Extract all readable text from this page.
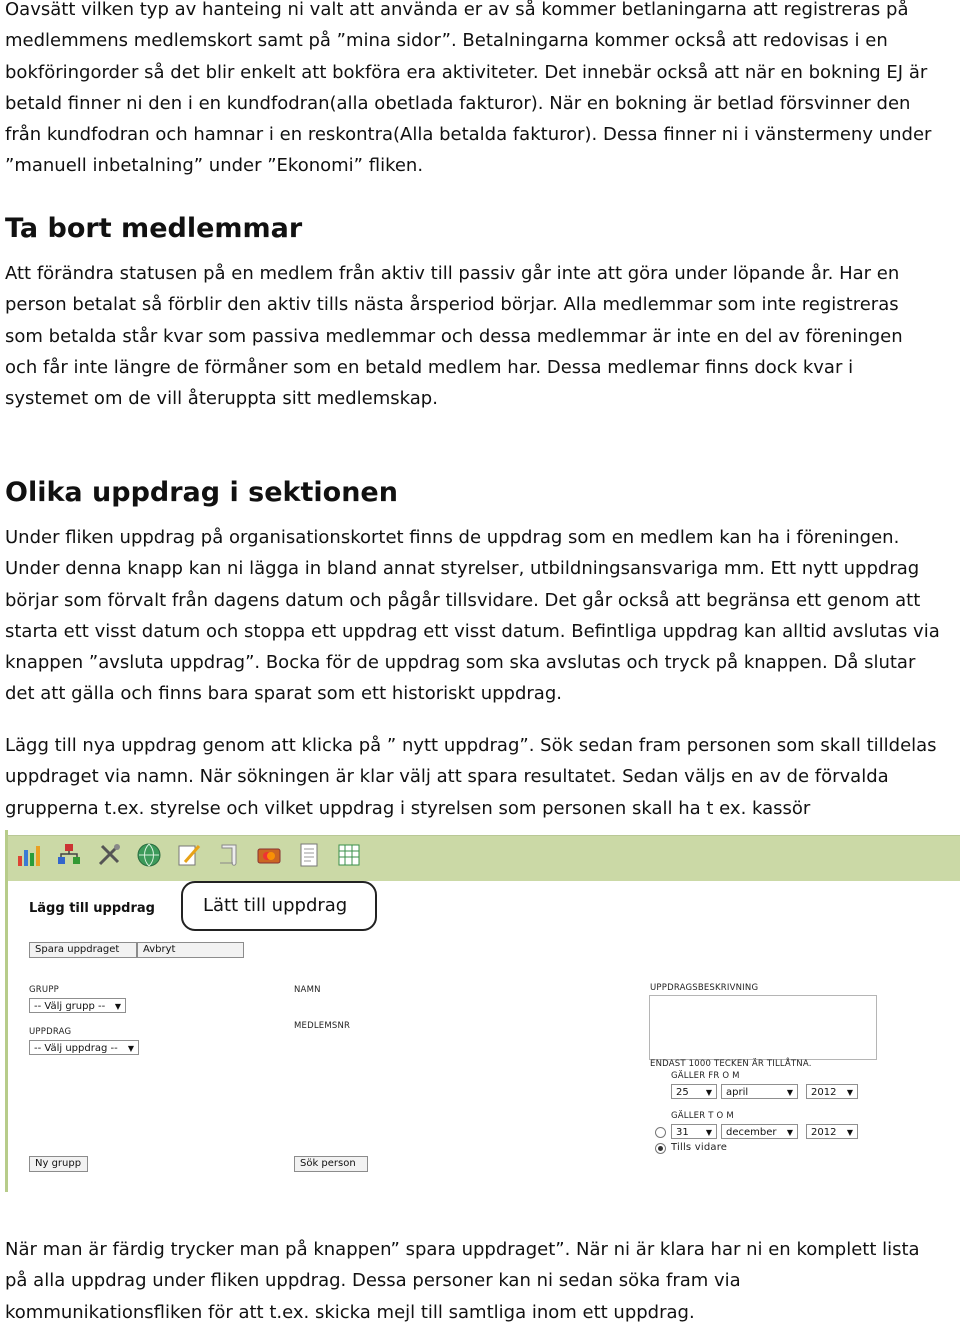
Oavsätt vilken typ av hanteing ni valt att använda er av så kommer betlaningarna att registreras på medlemmens medlemskort samt på ”mina sidor”. Betalningarna kommer också att redovisas i en bokföringorder så det blir enkelt att bokföra era aktiviteter. Det innebär också att när en bokning EJ är betald finner ni den i en kundfodran(alla obetlada fakturor). När en bokning är betlad försvinner den från kundfodran och hamnar i en reskontra(Alla betalda fakturor). Dessa finner ni i vänstermeny under ”manuell inbetalning” under ”Ekonomi” fliken.

Ta bort medlemmar

Att förändra statusen på en medlem från aktiv till passiv går inte att göra under löpande år. Har en person betalat så förblir den aktiv tills nästa årsperiod börjar. Alla medlemmar som inte registreras som betalda står kvar som passiva medlemmar och dessa medlemmar är inte en del av föreningen och får inte längre de förmåner som en betald medlem har. Dessa medlemar finns dock kvar i systemet om de vill återuppta sitt medlemskap.

Olika uppdrag i sektionen

Under fliken uppdrag på organisationskortet finns de uppdrag som en medlem kan ha i föreningen. Under denna knapp kan ni lägga in bland annat styrelser, utbildningsansvariga mm. Ett nytt uppdrag börjar som förvalt från dagens datum och pågår tillsvidare. Det går också att begränsa ett genom att starta ett visst datum och stoppa ett uppdrag ett visst datum. Befintliga uppdrag kan alltid avslutas via knappen ”avsluta uppdrag”. Bocka för de uppdrag som ska avslutas och tryck på knappen. Då slutar det att gälla och finns bara sparat som ett historiskt uppdrag.

Lägg till nya uppdrag genom att klicka på ” nytt uppdrag”. Sök sedan fram personen som skall tilldelas uppdraget via namn. När sökningen är klar välj att spara resultatet. Sedan väljs en av de förvalda grupperna t.ex. styrelse och vilket uppdrag i styrelsen som personen skall ha t ex. kassör

Lätt till uppdrag
Lägg till uppdrag
Spara uppdraget	Avbryt
GRUPP
-- Välj grupp -- ▼
UPPDRAG
-- Välj uppdrag -- ▼
Ny grupp
NAMN
MEDLEMSNR
Sök person
UPPDRAGSBESKRIVNING
ENDAST 1000 TECKEN ÄR TILLÅTNA.
GÄLLER FR O M
25 ▼	april	▼	2012 ▼
GÄLLER T O M
31 ▼	december ▼	2012 ▼
Tills vidare

När man är färdig trycker man på knappen” spara uppdraget”. När ni är klara har ni en komplett lista på alla uppdrag under fliken uppdrag. Dessa personer kan ni sedan söka fram via kommunikationsfliken för att t.ex. skicka mejl till samtliga inom ett uppdrag.
